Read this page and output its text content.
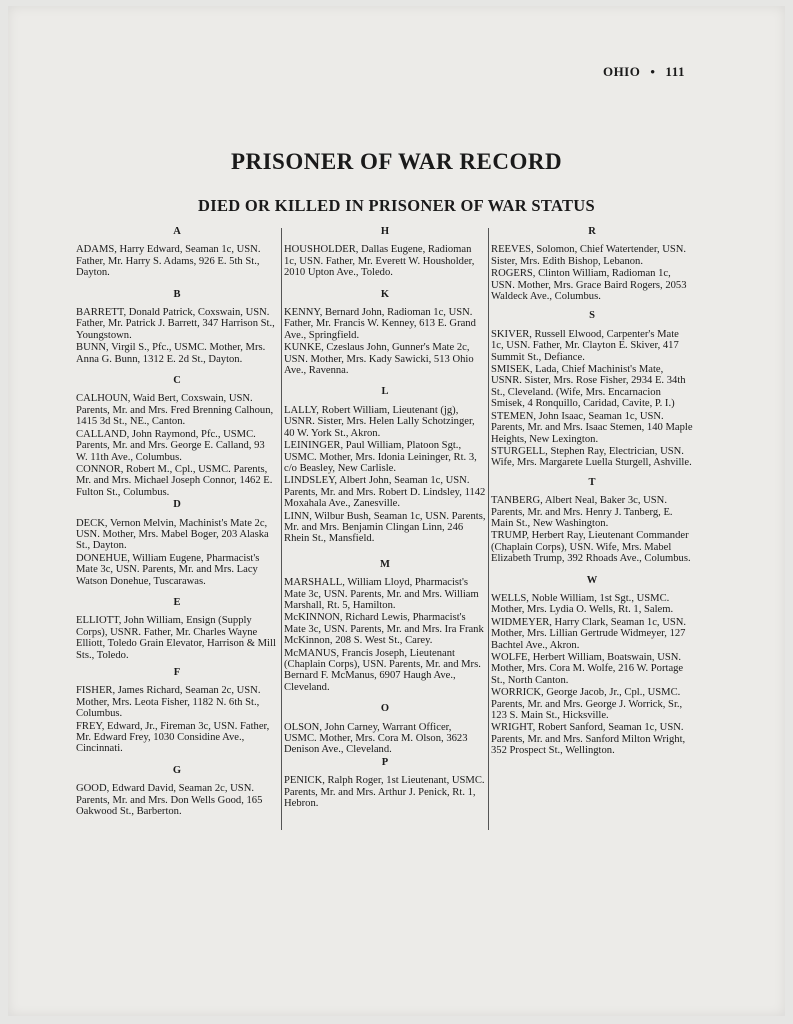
OHIO • 111
PRISONER OF WAR RECORD
DIED OR KILLED IN PRISONER OF WAR STATUS
A
ADAMS, Harry Edward, Seaman 1c, USN. Father, Mr. Harry S. Adams, 926 E. 5th St., Dayton.
B
BARRETT, Donald Patrick, Coxswain, USN. Father, Mr. Patrick J. Barrett, 347 Harrison St., Youngstown.
BUNN, Virgil S., Pfc., USMC. Mother, Mrs. Anna G. Bunn, 1312 E. 2d St., Dayton.
C
CALHOUN, Waid Bert, Coxswain, USN. Parents, Mr. and Mrs. Fred Brenning Calhoun, 1415 3d St., NE., Canton.
CALLAND, John Raymond, Pfc., USMC. Parents, Mr. and Mrs. George E. Calland, 93 W. 11th Ave., Columbus.
CONNOR, Robert M., Cpl., USMC. Parents, Mr. and Mrs. Michael Joseph Connor, 1462 E. Fulton St., Columbus.
D
DECK, Vernon Melvin, Machinist's Mate 2c, USN. Mother, Mrs. Mabel Boger, 203 Alaska St., Dayton.
DONEHUE, William Eugene, Pharmacist's Mate 3c, USN. Parents, Mr. and Mrs. Lacy Watson Donehue, Tuscarawas.
E
ELLIOTT, John William, Ensign (Supply Corps), USNR. Father, Mr. Charles Wayne Elliott, Toledo Grain Elevator, Harrison & Mill Sts., Toledo.
F
FISHER, James Richard, Seaman 2c, USN. Mother, Mrs. Leota Fisher, 1182 N. 6th St., Columbus.
FREY, Edward, Jr., Fireman 3c, USN. Father, Mr. Edward Frey, 1030 Considine Ave., Cincinnati.
G
GOOD, Edward David, Seaman 2c, USN. Parents, Mr. and Mrs. Don Wells Good, 165 Oakwood St., Barberton.
H
HOUSHOLDER, Dallas Eugene, Radioman 1c, USN. Father, Mr. Everett W. Housholder, 2010 Upton Ave., Toledo.
K
KENNY, Bernard John, Radioman 1c, USN. Father, Mr. Francis W. Kenney, 613 E. Grand Ave., Springfield.
KUNKE, Czeslaus John, Gunner's Mate 2c, USN. Mother, Mrs. Kady Sawicki, 513 Ohio Ave., Ravenna.
L
LALLY, Robert William, Lieutenant (jg), USNR. Sister, Mrs. Helen Lally Schotzinger, 40 W. York St., Akron.
LEININGER, Paul William, Platoon Sgt., USMC. Mother, Mrs. Idonia Leininger, Rt. 3, c/o Beasley, New Carlisle.
LINDSLEY, Albert John, Seaman 1c, USN. Parents, Mr. and Mrs. Robert D. Lindsley, 1142 Moxahala Ave., Zanesville.
LINN, Wilbur Bush, Seaman 1c, USN. Parents, Mr. and Mrs. Benjamin Clingan Linn, 246 Rhein St., Mansfield.
M
MARSHALL, William Lloyd, Pharmacist's Mate 3c, USN. Parents, Mr. and Mrs. William Marshall, Rt. 5, Hamilton.
McKINNON, Richard Lewis, Pharmacist's Mate 3c, USN. Parents, Mr. and Mrs. Ira Frank McKinnon, 208 S. West St., Carey.
McMANUS, Francis Joseph, Lieutenant (Chaplain Corps), USN. Parents, Mr. and Mrs. Bernard F. McManus, 6907 Haugh Ave., Cleveland.
O
OLSON, John Carney, Warrant Officer, USMC. Mother, Mrs. Cora M. Olson, 3623 Denison Ave., Cleveland.
P
PENICK, Ralph Roger, 1st Lieutenant, USMC. Parents, Mr. and Mrs. Arthur J. Penick, Rt. 1, Hebron.
R
REEVES, Solomon, Chief Watertender, USN. Sister, Mrs. Edith Bishop, Lebanon.
ROGERS, Clinton William, Radioman 1c, USN. Mother, Mrs. Grace Baird Rogers, 2053 Waldeck Ave., Columbus.
S
SKIVER, Russell Elwood, Carpenter's Mate 1c, USN. Father, Mr. Clayton E. Skiver, 417 Summit St., Defiance.
SMISEK, Lada, Chief Machinist's Mate, USNR. Sister, Mrs. Rose Fisher, 2934 E. 34th St., Cleveland. (Wife, Mrs. Encarnacion Smisek, 4 Ronquillo, Caridad, Cavite, P. I.)
STEMEN, John Isaac, Seaman 1c, USN. Parents, Mr. and Mrs. Isaac Stemen, 140 Maple Heights, New Lexington.
STURGELL, Stephen Ray, Electrician, USN. Wife, Mrs. Margarete Luella Sturgell, Ashville.
T
TANBERG, Albert Neal, Baker 3c, USN. Parents, Mr. and Mrs. Henry J. Tanberg, E. Main St., New Washington.
TRUMP, Herbert Ray, Lieutenant Commander (Chaplain Corps), USN. Wife, Mrs. Mabel Elizabeth Trump, 392 Rhoads Ave., Columbus.
W
WELLS, Noble William, 1st Sgt., USMC. Mother, Mrs. Lydia O. Wells, Rt. 1, Salem.
WIDMEYER, Harry Clark, Seaman 1c, USN. Mother, Mrs. Lillian Gertrude Widmeyer, 127 Bachtel Ave., Akron.
WOLFE, Herbert William, Boatswain, USN. Mother, Mrs. Cora M. Wolfe, 216 W. Portage St., North Canton.
WORRICK, George Jacob, Jr., Cpl., USMC. Parents, Mr. and Mrs. George J. Worrick, Sr., 123 S. Main St., Hicksville.
WRIGHT, Robert Sanford, Seaman 1c, USN. Parents, Mr. and Mrs. Sanford Milton Wright, 352 Prospect St., Wellington.
